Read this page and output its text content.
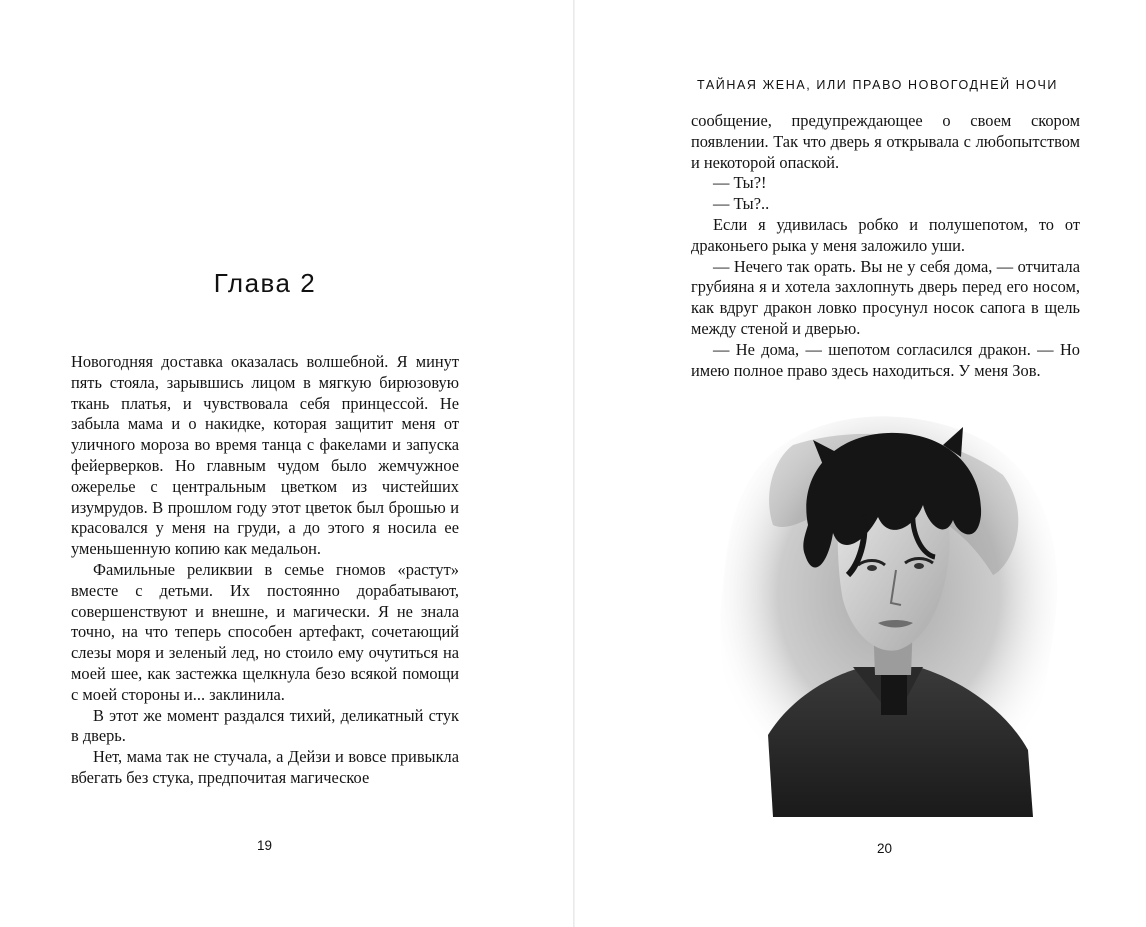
Глава 2

Новогодняя доставка оказалась волшебной. Я минут пять стояла, зарывшись лицом в мягкую бирюзовую ткань платья, и чувствовала себя принцессой. Не забыла мама и о накидке, которая защитит меня от уличного мороза во время танца с факелами и запуска фейерверков. Но главным чудом было жемчужное ожерелье с центральным цветком из чистейших изумрудов. В прошлом году этот цветок был брошью и красовался у меня на груди, а до этого я носила ее уменьшенную копию как медальон.

Фамильные реликвии в семье гномов «растут» вместе с детьми. Их постоянно дорабатывают, совершенствуют и внешне, и магически. Я не знала точно, на что теперь способен артефакт, сочетающий слезы моря и зеленый лед, но стоило ему очутиться на моей шее, как застежка щелкнула безо всякой помощи с моей стороны и... заклинила.

В этот же момент раздался тихий, деликатный стук в дверь.

Нет, мама так не стучала, а Дейзи и вовсе привыкла вбегать без стука, предпочитая магическое

19
ТАЙНАЯ ЖЕНА, ИЛИ ПРАВО НОВОГОДНЕЙ НОЧИ

сообщение, предупреждающее о своем скором появлении. Так что дверь я открывала с любопытством и некоторой опаской.

— Ты?!

— Ты?..

Если я удивилась робко и полушепотом, то от драконьего рыка у меня заложило уши.

— Нечего так орать. Вы не у себя дома, — отчитала грубияна я и хотела захлопнуть дверь перед его носом, как вдруг дракон ловко просунул носок сапога в щель между стеной и дверью.

— Не дома, — шепотом согласился дракон. — Но имею полное право здесь находиться. У меня Зов.

20
